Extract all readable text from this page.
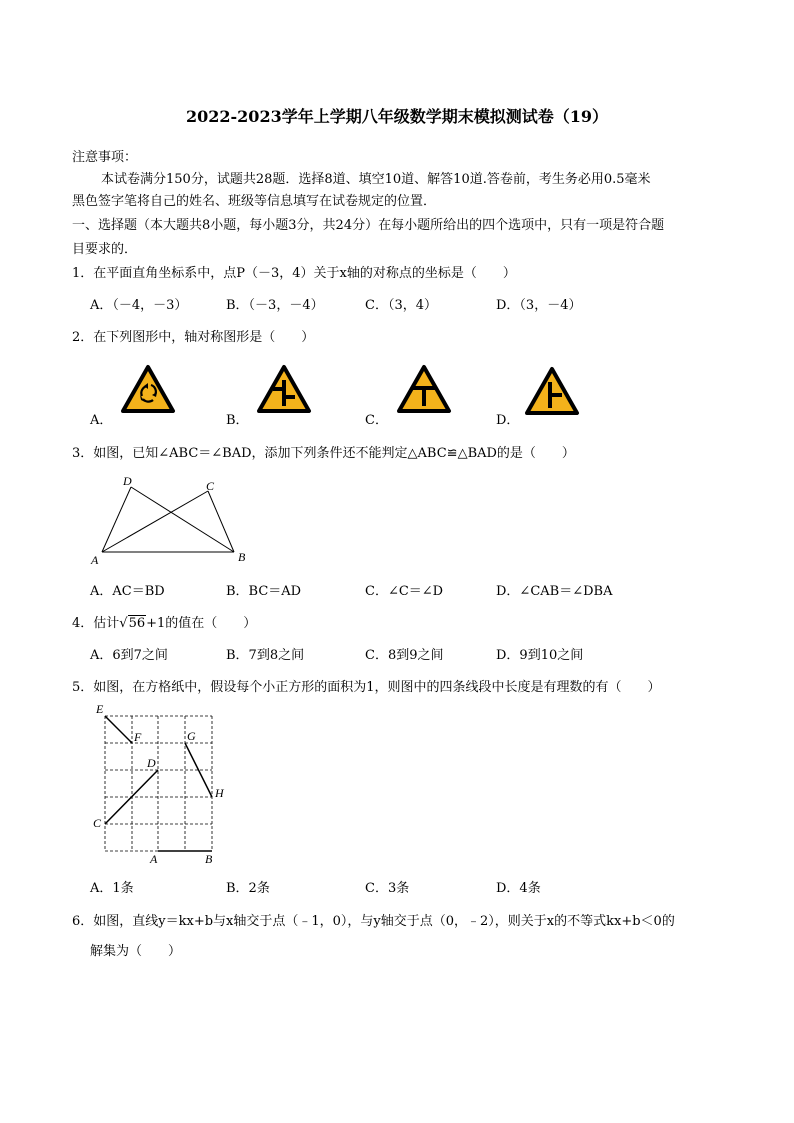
2022-2023学年上学期八年级数学期末模拟测试卷（19）
注意事项：
本试卷满分150分，试题共28题．选择8道、填空10道、解答10道.答卷前，考生务必用0.5毫米
黑色签字笔将自己的姓名、班级等信息填写在试卷规定的位置．
一、选择题（本大题共8小题，每小题3分，共24分）在每小题所给出的四个选项中，只有一项是符合题
目要求的．
1．在平面直角坐标系中，点P（－3，4）关于x轴的对称点的坐标是（　　）
A．（－4，－3）	B．（－3，－4）	C．（3，4）	D．（3，－4）
2．在下列图形中，轴对称图形是（　　）
A．	B．	C．	D．
3．如图，已知∠ABC＝∠BAD，添加下列条件还不能判定△ABC≌△BAD的是（　　）
D	C
A	B
A．AC＝BD	B．BC＝AD	C．∠C＝∠D	D．∠CAB＝∠DBA
4．估计√56+1的值在（　　）
A．6到7之间	B．7到8之间	C．8到9之间	D．9到10之间
5．如图，在方格纸中，假设每个小正方形的面积为1，则图中的四条线段中长度是有理数的有（　　）
E
F	G
D
H
C
A	B
A．1条	B．2条	C．3条	D．4条
6．如图，直线y＝kx+b与x轴交于点（﹣1，0），与y轴交于点（0，﹣2），则关于x的不等式kx+b＜0的
解集为（　　）
